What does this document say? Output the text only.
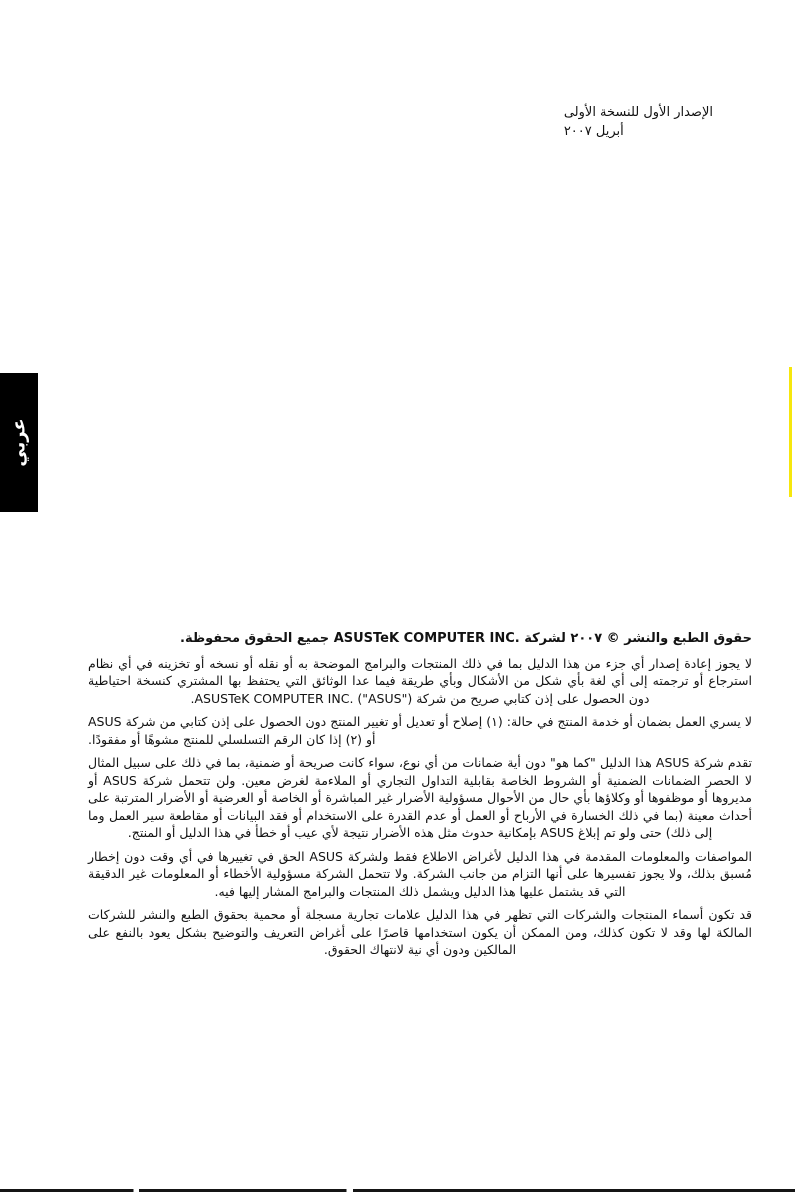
الإصدار الأول للنسخة الأولى
أبريل ٢٠٠٧
عربي
حقوق الطبع والنشر © ٢٠٠٧ لشركة .ASUSTeK COMPUTER INC جميع الحقوق محفوظة.

لا يجوز إعادة إصدار أي جزء من هذا الدليل بما في ذلك المنتجات والبرامج الموضحة به أو نقله أو نسخه أو تخزينه في أي نظام استرجاع أو ترجمته إلى أي لغة بأي شكل من الأشكال وبأي طريقة فيما عدا الوثائق التي يحتفظ بها المشتري كنسخة احتياطية دون الحصول على إذن كتابي صريح من شركة ASUSTeK COMPUTER INC. ("ASUS").

لا يسري العمل بضمان أو خدمة المنتج في حالة: (١) إصلاح أو تعديل أو تغيير المنتج دون الحصول على إذن كتابي من شركة ASUS أو (٢) إذا كان الرقم التسلسلي للمنتج مشوهًا أو مفقودًا.

تقدم شركة ASUS هذا الدليل "كما هو" دون أية ضمانات من أي نوع، سواء كانت صريحة أو ضمنية، بما في ذلك على سبيل المثال لا الحصر الضمانات الضمنية أو الشروط الخاصة بقابلية التداول التجاري أو الملاءمة لغرض معين. ولن تتحمل شركة ASUS أو مديروها أو موظفوها أو وكلاؤها بأي حال من الأحوال مسؤولية الأضرار غير المباشرة أو الخاصة أو العرضية أو الأضرار المترتبة على أحداث معينة (بما في ذلك الخسارة في الأرباح أو العمل أو عدم القدرة على الاستخدام أو فقد البيانات أو مقاطعة سير العمل وما إلى ذلك) حتى ولو تم إبلاغ ASUS بإمكانية حدوث مثل هذه الأضرار نتيجة لأي عيب أو خطأ في هذا الدليل أو المنتج.

المواصفات والمعلومات المقدمة في هذا الدليل لأغراض الاطلاع فقط ولشركة ASUS الحق في تغييرها في أي وقت دون إخطار مُسبق بذلك، ولا يجوز تفسيرها على أنها التزام من جانب الشركة. ولا تتحمل الشركة مسؤولية الأخطاء أو المعلومات غير الدقيقة التي قد يشتمل عليها هذا الدليل ويشمل ذلك المنتجات والبرامج المشار إليها فيه.

قد تكون أسماء المنتجات والشركات التي تظهر في هذا الدليل علامات تجارية مسجلة أو محمية بحقوق الطبع والنشر للشركات المالكة لها وقد لا تكون كذلك، ومن الممكن أن يكون استخدامها قاصرًا على أغراض التعريف والتوضيح بشكل يعود بالنفع على المالكين ودون أي نية لانتهاك الحقوق.
